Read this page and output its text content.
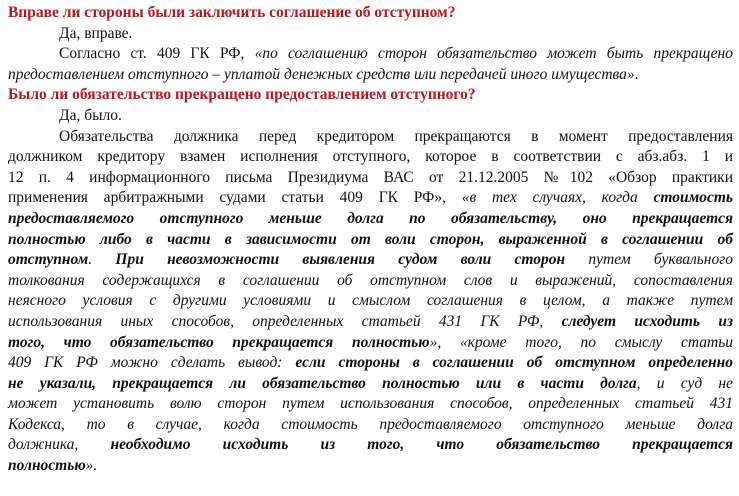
Вправе ли стороны были заключить соглашение об отступном?

Да, вправе.

Согласно ст. 409 ГК РФ, «по соглашению сторон обязательство может быть прекращено предоставлением отступного – уплатой денежных средств или передачей иного имущества».

Было ли обязательство прекращено предоставлением отступного?

Да, было.

Обязательства должника перед кредитором прекращаются в момент предоставления

должником кредитору взамен исполнения отступного, которое в соответствии с абз.абз. 1 и

12 п. 4 информационного письма Президиума ВАС от 21.12.2005 №102 «Обзор практики

применения арбитражными судами статьи 409 ГК РФ», «в тех случаях, когда стоимость

предоставляемого отступного меньше долга по обязательству, оно прекращается

полностью либо в части в зависимости от воли сторон, выраженной в соглашении об

отступном. При невозможности выявления судом воли сторон путем буквального

толкования содержащихся в соглашении об отступном слов и выражений, сопоставления

неясного условия с другими условиями и смыслом соглашения в целом, а также путем

использования иных способов, определенных статьей 431 ГК РФ, следует исходить из

того, что обязательство прекращается полностью», «кроме того, по смыслу статьи

409 ГК РФ можно сделать вывод: если стороны в соглашении об отступном определенно

не указали, прекращается ли обязательство полностью или в части долга, и суд не

может установить волю сторон путем использования способов, определенных статьей 431

Кодекса, то в случае, когда стоимость предоставляемого отступного меньше долга

должника, необходимо исходить из того, что обязательство прекращается

полностью».
